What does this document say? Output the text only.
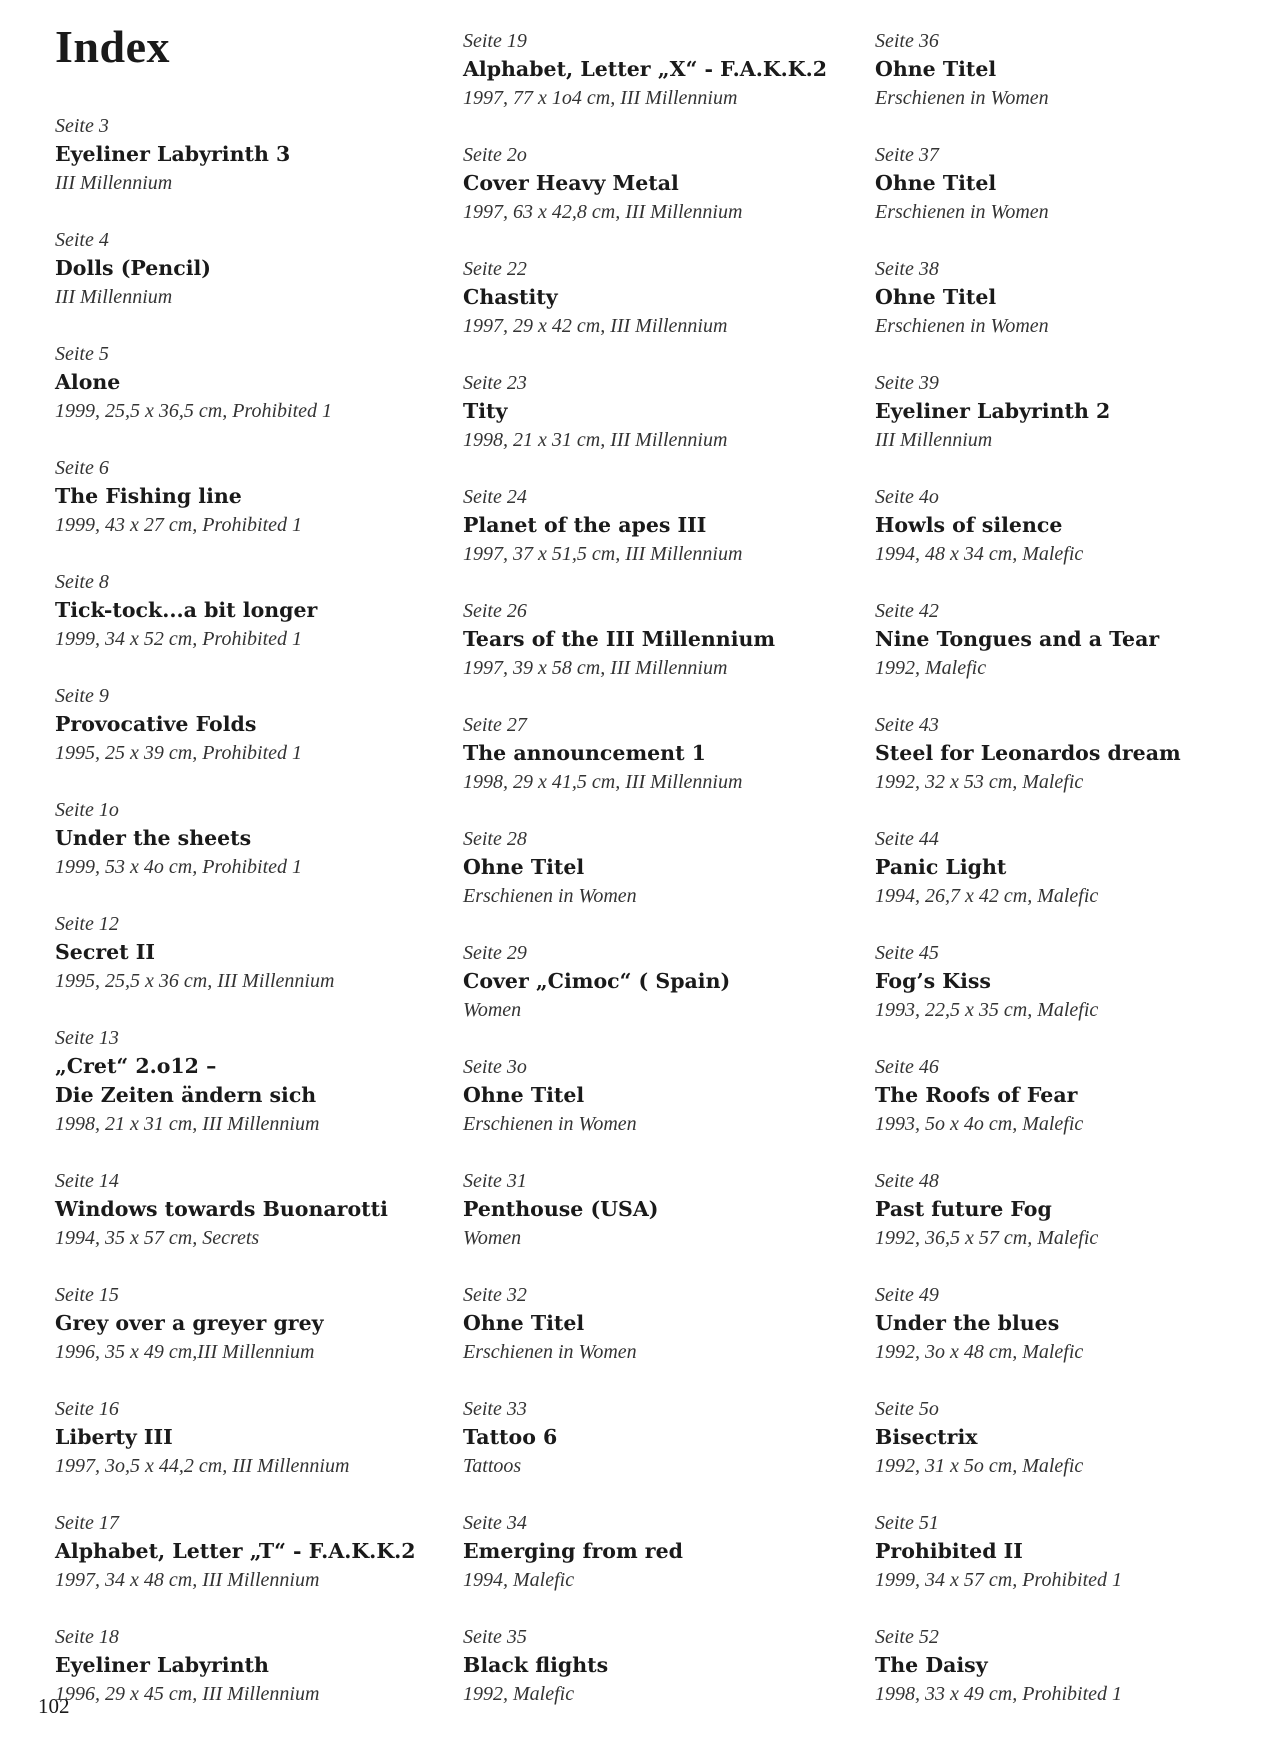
Index
Seite 3
Eyeliner Labyrinth 3
III Millennium
Seite 4
Dolls (Pencil)
III Millennium
Seite 5
Alone
1999, 25,5 x 36,5 cm, Prohibited 1
Seite 6
The Fishing line
1999, 43 x 27 cm, Prohibited 1
Seite 8
Tick-tock...a bit longer
1999, 34 x 52 cm, Prohibited 1
Seite 9
Provocative Folds
1995, 25 x 39 cm, Prohibited 1
Seite 1o
Under the sheets
1999, 53 x 4o cm, Prohibited 1
Seite 12
Secret II
1995, 25,5 x 36 cm, III Millennium
Seite 13
„Cret“ 2.o12 –
Die Zeiten ändern sich
1998, 21 x 31 cm, III Millennium
Seite 14
Windows towards Buonarotti
1994, 35 x 57 cm, Secrets
Seite 15
Grey over a greyer grey
1996, 35 x 49 cm,III Millennium
Seite 16
Liberty III
1997, 3o,5 x 44,2 cm, III Millennium
Seite 17
Alphabet, Letter „T“ - F.A.K.K.2
1997, 34 x 48 cm, III Millennium
Seite 18
Eyeliner Labyrinth
1996, 29 x 45 cm, III Millennium
Seite 19
Alphabet, Letter „X“ - F.A.K.K.2
1997, 77 x 1o4 cm, III Millennium
Seite 2o
Cover Heavy Metal
1997, 63 x 42,8 cm, III Millennium
Seite 22
Chastity
1997, 29 x 42 cm, III Millennium
Seite 23
Tity
1998, 21 x 31 cm, III Millennium
Seite 24
Planet of the apes III
1997, 37 x 51,5 cm, III Millennium
Seite 26
Tears of the III Millennium
1997, 39 x 58 cm, III Millennium
Seite 27
The announcement 1
1998, 29 x 41,5 cm, III Millennium
Seite 28
Ohne Titel
Erschienen in Women
Seite 29
Cover „Cimoc“ ( Spain)
Women
Seite 3o
Ohne Titel
Erschienen in Women
Seite 31
Penthouse (USA)
Women
Seite 32
Ohne Titel
Erschienen in Women
Seite 33
Tattoo 6
Tattoos
Seite 34
Emerging from red
1994, Malefic
Seite 35
Black flights
1992, Malefic
Seite 36
Ohne Titel
Erschienen in Women
Seite 37
Ohne Titel
Erschienen in Women
Seite 38
Ohne Titel
Erschienen in Women
Seite 39
Eyeliner Labyrinth 2
III Millennium
Seite 4o
Howls of silence
1994, 48 x 34 cm, Malefic
Seite 42
Nine Tongues and a Tear
1992, Malefic
Seite 43
Steel for Leonardos dream
1992, 32 x 53 cm, Malefic
Seite 44
Panic Light
1994, 26,7 x 42 cm, Malefic
Seite 45
Fog’s Kiss
1993, 22,5 x 35 cm, Malefic
Seite 46
The Roofs of Fear
1993, 5o x 4o cm, Malefic
Seite 48
Past future Fog
1992, 36,5 x 57 cm, Malefic
Seite 49
Under the blues
1992, 3o x 48 cm, Malefic
Seite 5o
Bisectrix
1992, 31 x 5o cm, Malefic
Seite 51
Prohibited II
1999, 34 x 57 cm, Prohibited 1
Seite 52
The Daisy
1998, 33 x 49 cm, Prohibited 1
102
